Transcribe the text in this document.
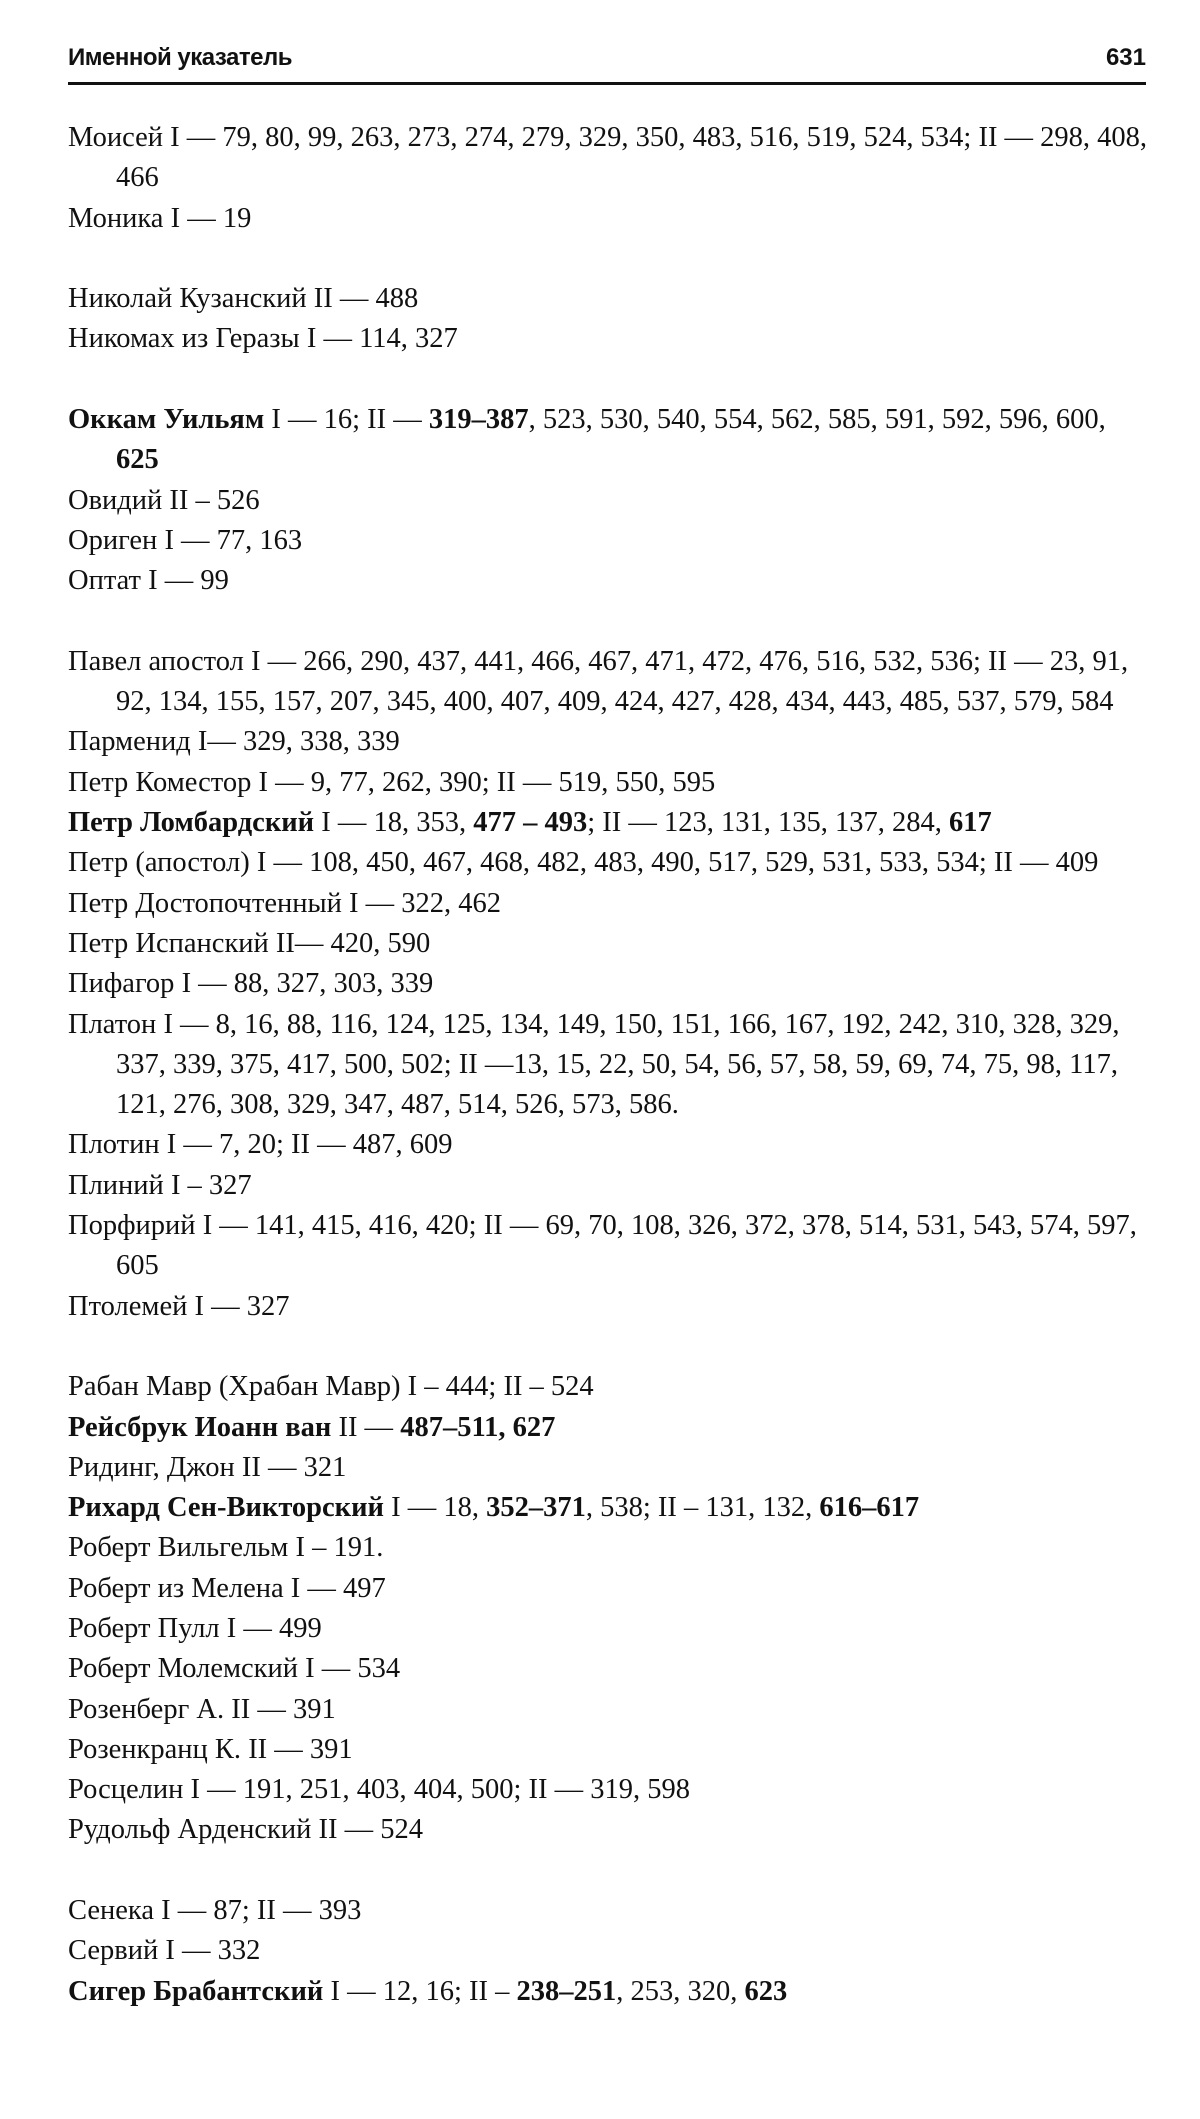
Именной указатель	631

Моисей I — 79, 80, 99, 263, 273, 274, 279, 329, 350, 483, 516, 519, 524, 534; II — 298, 408, 466

Моника I — 19

Николай Кузанский II — 488

Никомах из Геразы I — 114, 327

Оккам Уильям I — 16; II — 319–387, 523, 530, 540, 554, 562, 585, 591, 592, 596, 600, 625

Овидий II – 526

Ориген I — 77, 163

Оптат I — 99

Павел апостол I — 266, 290, 437, 441, 466, 467, 471, 472, 476, 516, 532, 536; II — 23, 91, 92, 134, 155, 157, 207, 345, 400, 407, 409, 424, 427, 428, 434, 443, 485, 537, 579, 584

Парменид I— 329, 338, 339

Петр Коместор I — 9, 77, 262, 390; II — 519, 550, 595

Петр Ломбардский I — 18, 353, 477 – 493; II — 123, 131, 135, 137, 284, 617

Петр (апостол) I — 108, 450, 467, 468, 482, 483, 490, 517, 529, 531, 533, 534; II — 409

Петр Достопочтенный I — 322, 462

Петр Испанский II— 420, 590

Пифагор I — 88, 327, 303, 339

Платон I — 8, 16, 88, 116, 124, 125, 134, 149, 150, 151, 166, 167, 192, 242, 310, 328, 329, 337, 339, 375, 417, 500, 502; II —13, 15, 22, 50, 54, 56, 57, 58, 59, 69, 74, 75, 98, 117, 121, 276, 308, 329, 347, 487, 514, 526, 573, 586.

Плотин I — 7, 20; II — 487, 609

Плиний I – 327

Порфирий I — 141, 415, 416, 420; II — 69, 70, 108, 326, 372, 378, 514, 531, 543, 574, 597, 605

Птолемей I — 327

Рабан Мавр (Храбан Мавр) I – 444; II – 524

Рейсбрук Иоанн ван II — 487–511, 627

Ридинг, Джон II — 321

Рихард Сен-Викторский I — 18, 352–371, 538; II – 131, 132, 616–617

Роберт Вильгельм I – 191.

Роберт из Мелена I — 497

Роберт Пулл I — 499

Роберт Молемский I — 534

Розенберг А. II — 391

Розенкранц К. II — 391

Росцелин I — 191, 251, 403, 404, 500; II — 319, 598

Рудольф Арденский II — 524

Сенека I — 87; II — 393

Сервий I — 332

Сигер Брабантский I — 12, 16; II – 238–251, 253, 320, 623
